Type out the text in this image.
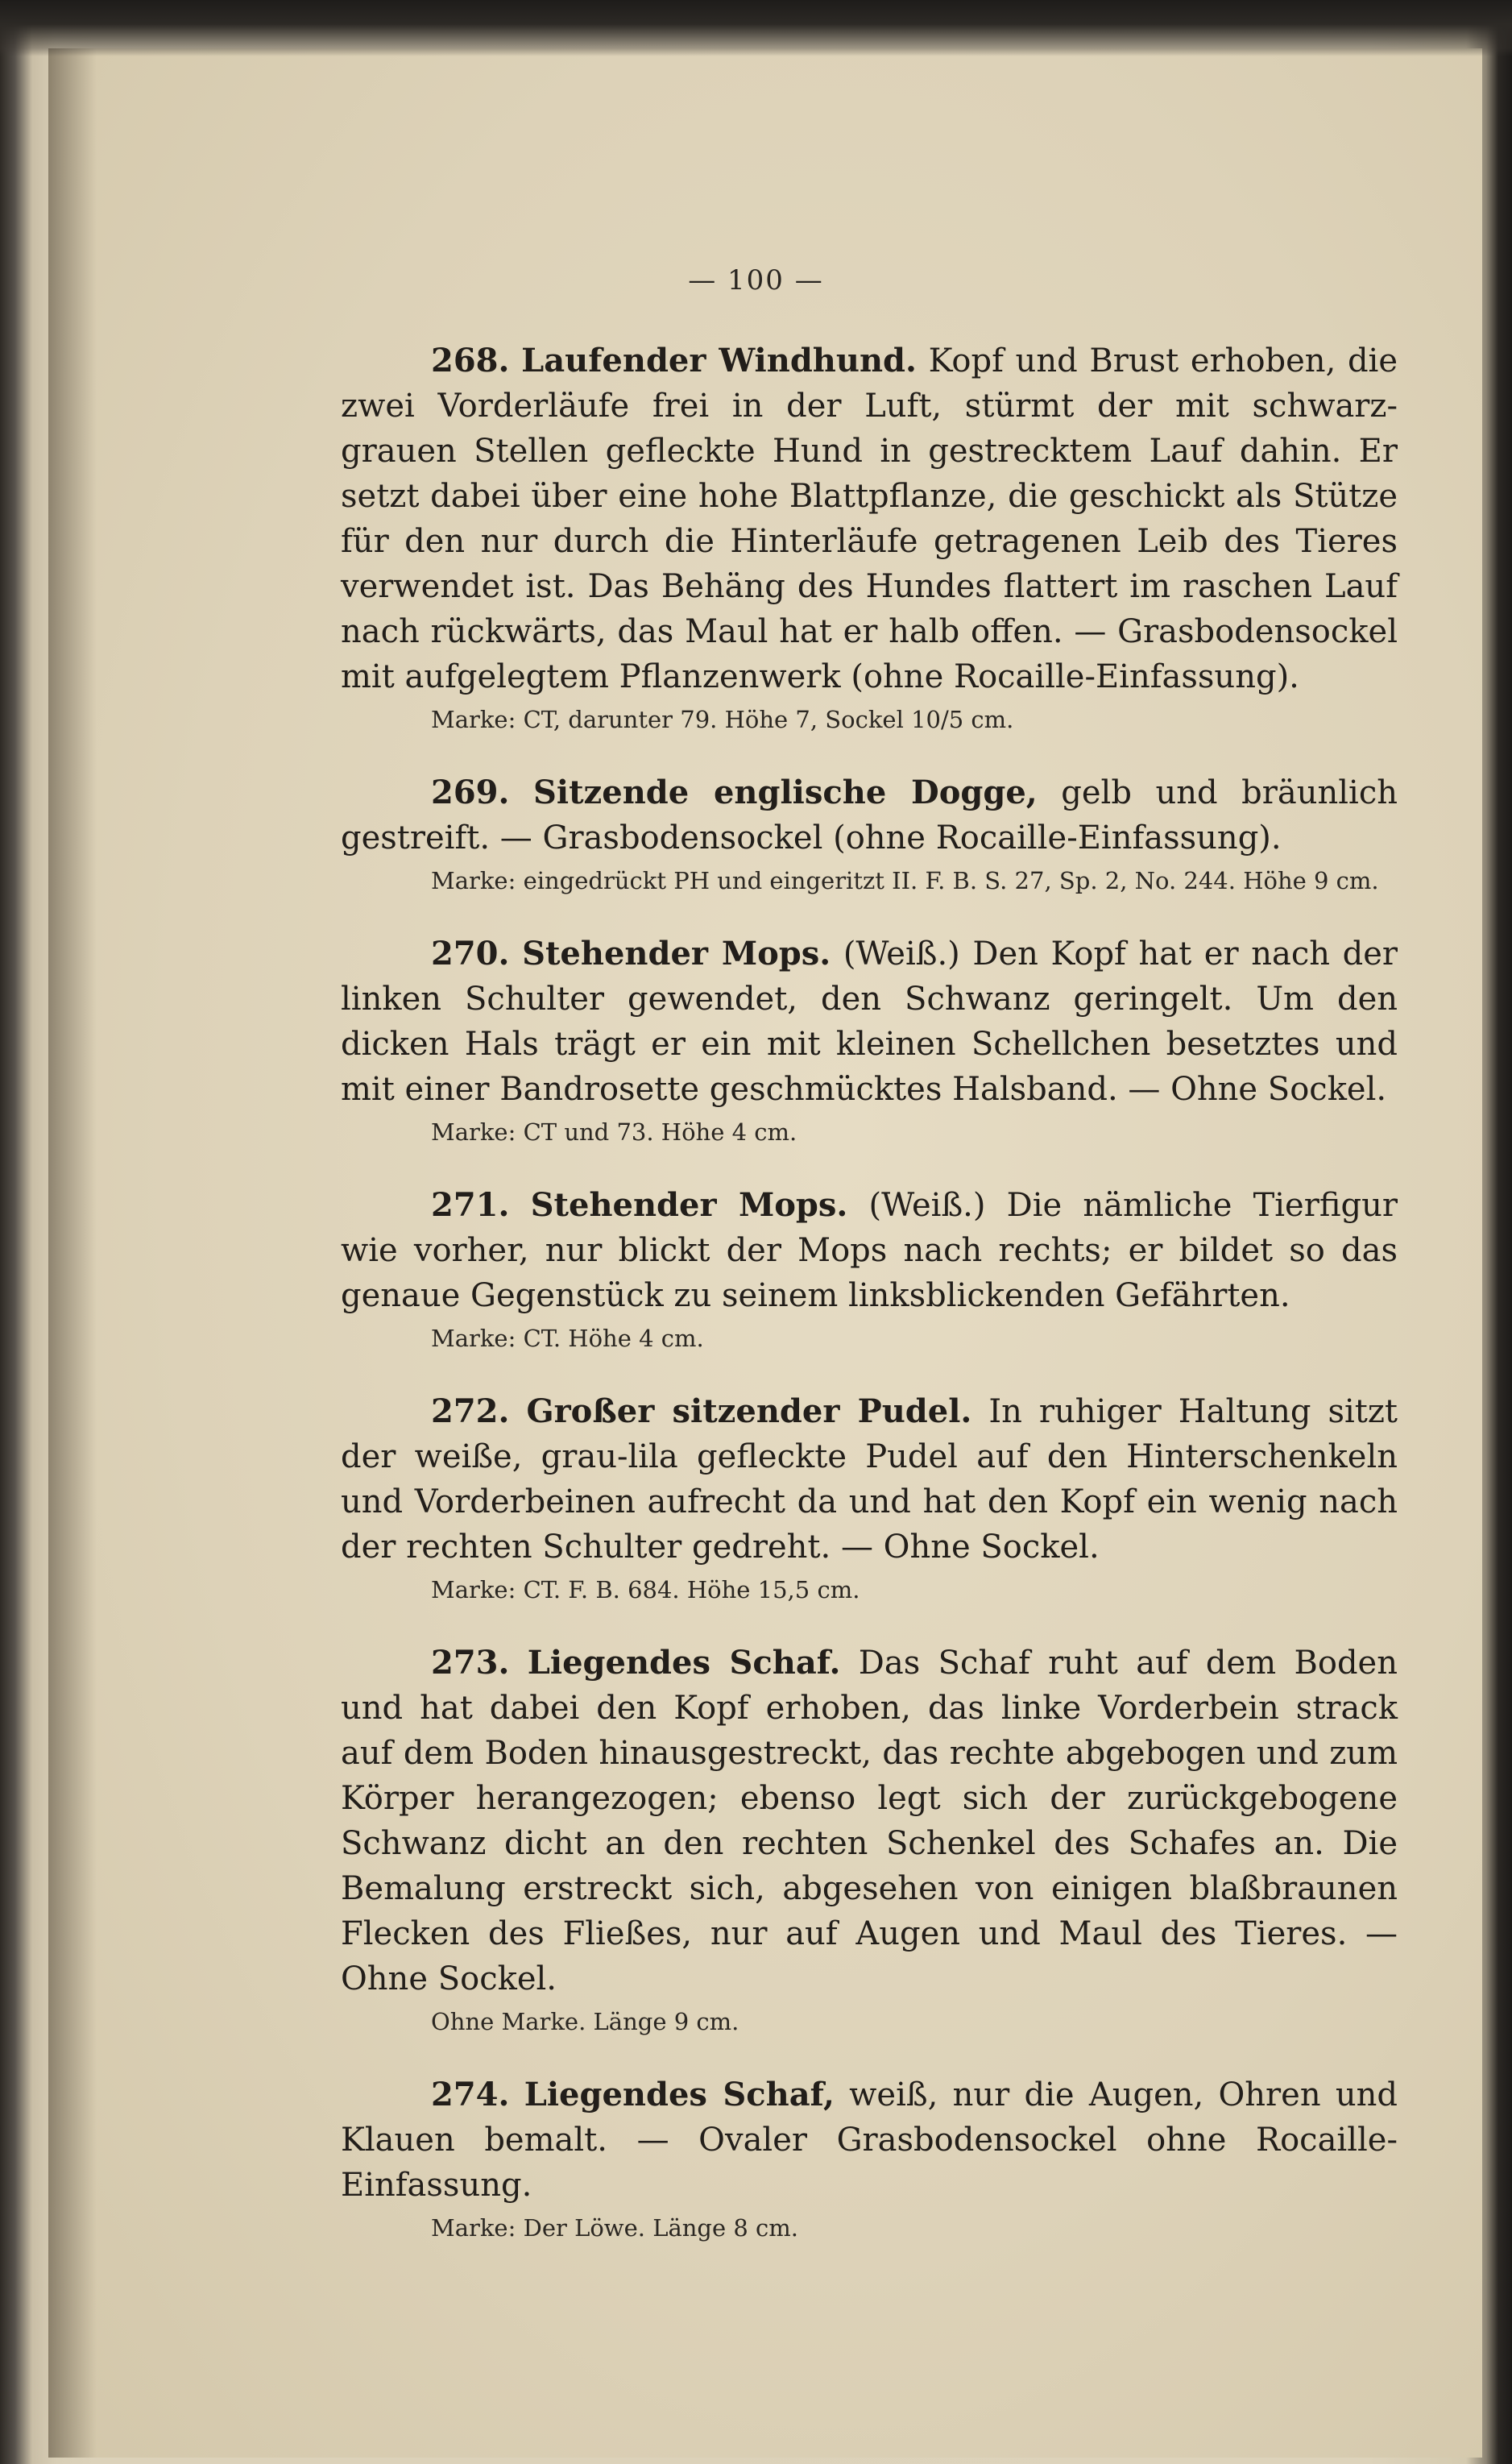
— 100 —

268. Laufender Windhund. Kopf und Brust erhoben, die zwei Vorderläufe frei in der Luft, stürmt der mit schwarz-grauen Stellen gefleckte Hund in gestrecktem Lauf dahin. Er setzt dabei über eine hohe Blattpflanze, die geschickt als Stütze für den nur durch die Hinterläufe getragenen Leib des Tieres verwendet ist. Das Behäng des Hundes flattert im raschen Lauf nach rückwärts, das Maul hat er halb offen. — Grasbodensockel mit aufgelegtem Pflanzenwerk (ohne Rocaille-Einfassung).

Marke: CT, darunter 79. Höhe 7, Sockel 10/5 cm.

269. Sitzende englische Dogge, gelb und bräunlich gestreift. — Grasbodensockel (ohne Rocaille-Einfassung).

Marke: eingedrückt PH und eingeritzt II. F. B. S. 27, Sp. 2, No. 244. Höhe 9 cm.

270. Stehender Mops. (Weiß.) Den Kopf hat er nach der linken Schulter gewendet, den Schwanz geringelt. Um den dicken Hals trägt er ein mit kleinen Schellchen besetztes und mit einer Bandrosette geschmücktes Halsband. — Ohne Sockel.

Marke: CT und 73. Höhe 4 cm.

271. Stehender Mops. (Weiß.) Die nämliche Tierfigur wie vorher, nur blickt der Mops nach rechts; er bildet so das genaue Gegenstück zu seinem linksblickenden Gefährten.

Marke: CT. Höhe 4 cm.

272. Großer sitzender Pudel. In ruhiger Haltung sitzt der weiße, grau-lila gefleckte Pudel auf den Hinterschenkeln und Vorderbeinen aufrecht da und hat den Kopf ein wenig nach der rechten Schulter gedreht. — Ohne Sockel.

Marke: CT. F. B. 684. Höhe 15,5 cm.

273. Liegendes Schaf. Das Schaf ruht auf dem Boden und hat dabei den Kopf erhoben, das linke Vorderbein strack auf dem Boden hinausgestreckt, das rechte abgebogen und zum Körper herangezogen; ebenso legt sich der zurückgebogene Schwanz dicht an den rechten Schenkel des Schafes an. Die Bemalung erstreckt sich, abgesehen von einigen blaßbraunen Flecken des Fließes, nur auf Augen und Maul des Tieres. — Ohne Sockel.

Ohne Marke. Länge 9 cm.

274. Liegendes Schaf, weiß, nur die Augen, Ohren und Klauen bemalt. — Ovaler Grasbodensockel ohne Rocaille-Einfassung.

Marke: Der Löwe. Länge 8 cm.
